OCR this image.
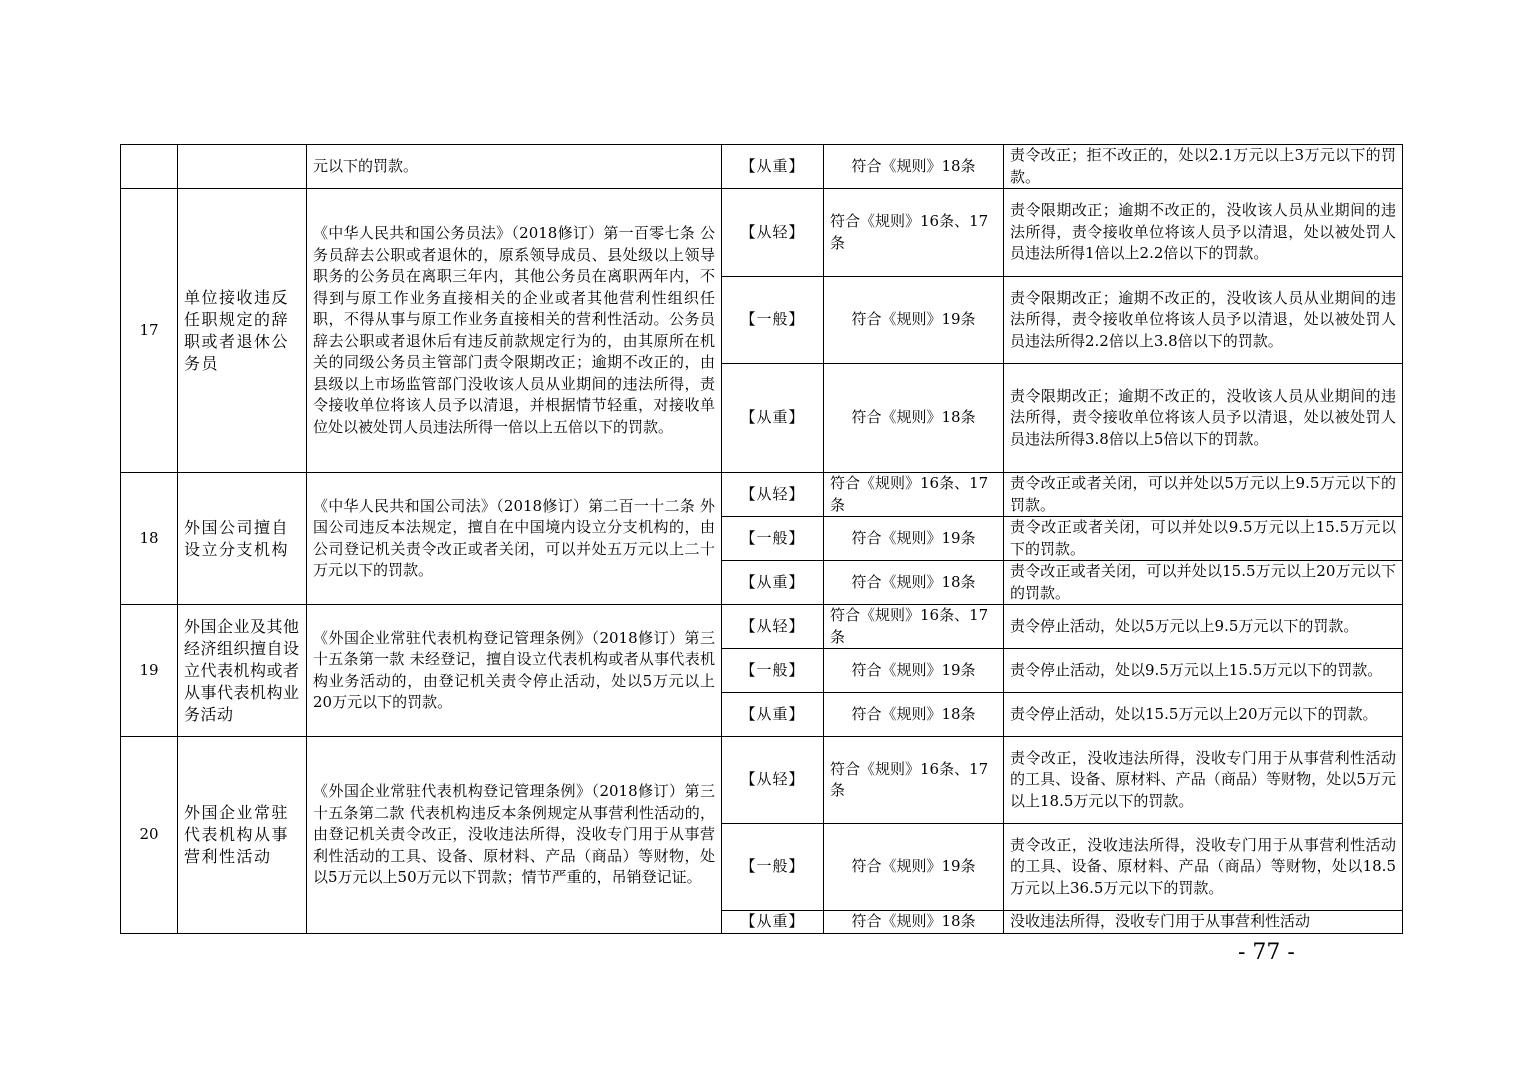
		元以下的罚款。	【从重】	符合《规则》18条	责令改正；拒不改正的，处以2.1万元以上3万元以下的罚款。
17	单位接收违反任职规定的辞职或者退休公务员	《中华人民共和国公务员法》（2018修订）第一百零七条 公务员辞去公职或者退休的，原系领导成员、县处级以上领导职务的公务员在离职三年内，其他公务员在离职两年内，不得到与原工作业务直接相关的企业或者其他营利性组织任职，不得从事与原工作业务直接相关的营利性活动。公务员辞去公职或者退休后有违反前款规定行为的，由其原所在机关的同级公务员主管部门责令限期改正；逾期不改正的，由县级以上市场监管部门没收该人员从业期间的违法所得，责令接收单位将该人员予以清退，并根据情节轻重，对接收单位处以被处罚人员违法所得一倍以上五倍以下的罚款。	【从轻】	符合《规则》16条、17条	责令限期改正；逾期不改正的，没收该人员从业期间的违法所得，责令接收单位将该人员予以清退，处以被处罚人员违法所得1倍以上2.2倍以下的罚款。
			【一般】	符合《规则》19条	责令限期改正；逾期不改正的，没收该人员从业期间的违法所得，责令接收单位将该人员予以清退，处以被处罚人员违法所得2.2倍以上3.8倍以下的罚款。
			【从重】	符合《规则》18条	责令限期改正；逾期不改正的，没收该人员从业期间的违法所得，责令接收单位将该人员予以清退，处以被处罚人员违法所得3.8倍以上5倍以下的罚款。
18	外国公司擅自设立分支机构	《中华人民共和国公司法》（2018修订）第二百一十二条 外国公司违反本法规定，擅自在中国境内设立分支机构的，由公司登记机关责令改正或者关闭，可以并处五万元以上二十万元以下的罚款。	【从轻】	符合《规则》16条、17条	责令改正或者关闭，可以并处以5万元以上9.5万元以下的罚款。
			【一般】	符合《规则》19条	责令改正或者关闭，可以并处以9.5万元以上15.5万元以下的罚款。
			【从重】	符合《规则》18条	责令改正或者关闭，可以并处以15.5万元以上20万元以下的罚款。
19	外国企业及其他经济组织擅自设立代表机构或者从事代表机构业务活动	《外国企业常驻代表机构登记管理条例》（2018修订）第三十五条第一款 未经登记，擅自设立代表机构或者从事代表机构业务活动的，由登记机关责令停止活动，处以5万元以上20万元以下的罚款。	【从轻】	符合《规则》16条、17条	责令停止活动，处以5万元以上9.5万元以下的罚款。
			【一般】	符合《规则》19条	责令停止活动，处以9.5万元以上15.5万元以下的罚款。
			【从重】	符合《规则》18条	责令停止活动，处以15.5万元以上20万元以下的罚款。
20	外国企业常驻代表机构从事营利性活动	《外国企业常驻代表机构登记管理条例》（2018修订）第三十五条第二款 代表机构违反本条例规定从事营利性活动的，由登记机关责令改正，没收违法所得，没收专门用于从事营利性活动的工具、设备、原材料、产品（商品）等财物，处以5万元以上50万元以下罚款；情节严重的，吊销登记证。	【从轻】	符合《规则》16条、17条	责令改正，没收违法所得，没收专门用于从事营利性活动的工具、设备、原材料、产品（商品）等财物，处以5万元以上18.5万元以下的罚款。
			【一般】	符合《规则》19条	责令改正，没收违法所得，没收专门用于从事营利性活动的工具、设备、原材料、产品（商品）等财物，处以18.5万元以上36.5万元以下的罚款。
			【从重】	符合《规则》18条	没收违法所得，没收专门用于从事营利性活动
- 77 -
